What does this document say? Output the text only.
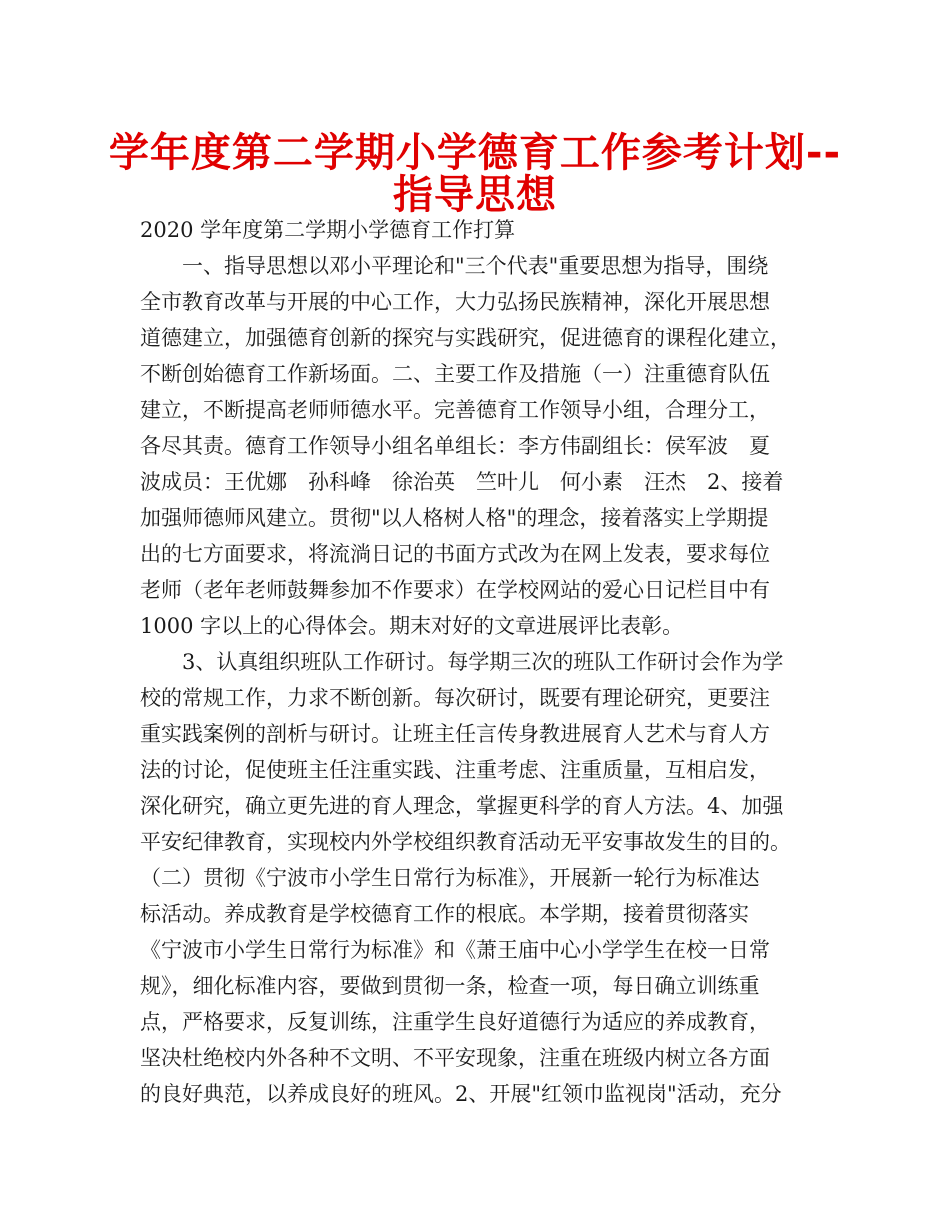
学年度第二学期小学德育工作参考计划--
指导思想
2020 学年度第二学期小学德育工作打算
　　一、指导思想以邓小平理论和"三个代表"重要思想为指导，围绕
全市教育改革与开展的中心工作，大力弘扬民族精神，深化开展思想
道德建立，加强德育创新的探究与实践研究，促进德育的课程化建立，
不断创始德育工作新场面。二、主要工作及措施（一）注重德育队伍
建立，不断提高老师师德水平。完善德育工作领导小组，合理分工，
各尽其责。德育工作领导小组名单组长：李方伟副组长：侯军波　夏
波成员：王优娜　孙科峰　徐治英　竺叶儿　何小素　汪杰　2、接着
加强师德师风建立。贯彻"以人格树人格"的理念，接着落实上学期提
出的七方面要求，将流淌日记的书面方式改为在网上发表，要求每位
老师（老年老师鼓舞参加不作要求）在学校网站的爱心日记栏目中有
1000 字以上的心得体会。期末对好的文章进展评比表彰。
　　3、认真组织班队工作研讨。每学期三次的班队工作研讨会作为学
校的常规工作，力求不断创新。每次研讨，既要有理论研究，更要注
重实践案例的剖析与研讨。让班主任言传身教进展育人艺术与育人方
法的讨论，促使班主任注重实践、注重考虑、注重质量，互相启发，
深化研究，确立更先进的育人理念，掌握更科学的育人方法。4、加强
平安纪律教育，实现校内外学校组织教育活动无平安事故发生的目的。
（二）贯彻《宁波市小学生日常行为标准》，开展新一轮行为标准达
标活动。养成教育是学校德育工作的根底。本学期，接着贯彻落实
《宁波市小学生日常行为标准》和《萧王庙中心小学学生在校一日常
规》，细化标准内容，要做到贯彻一条，检查一项，每日确立训练重
点，严格要求，反复训练，注重学生良好道德行为适应的养成教育，
坚决杜绝校内外各种不文明、不平安现象，注重在班级内树立各方面
的良好典范，以养成良好的班风。2、开展"红领巾监视岗"活动，充分
